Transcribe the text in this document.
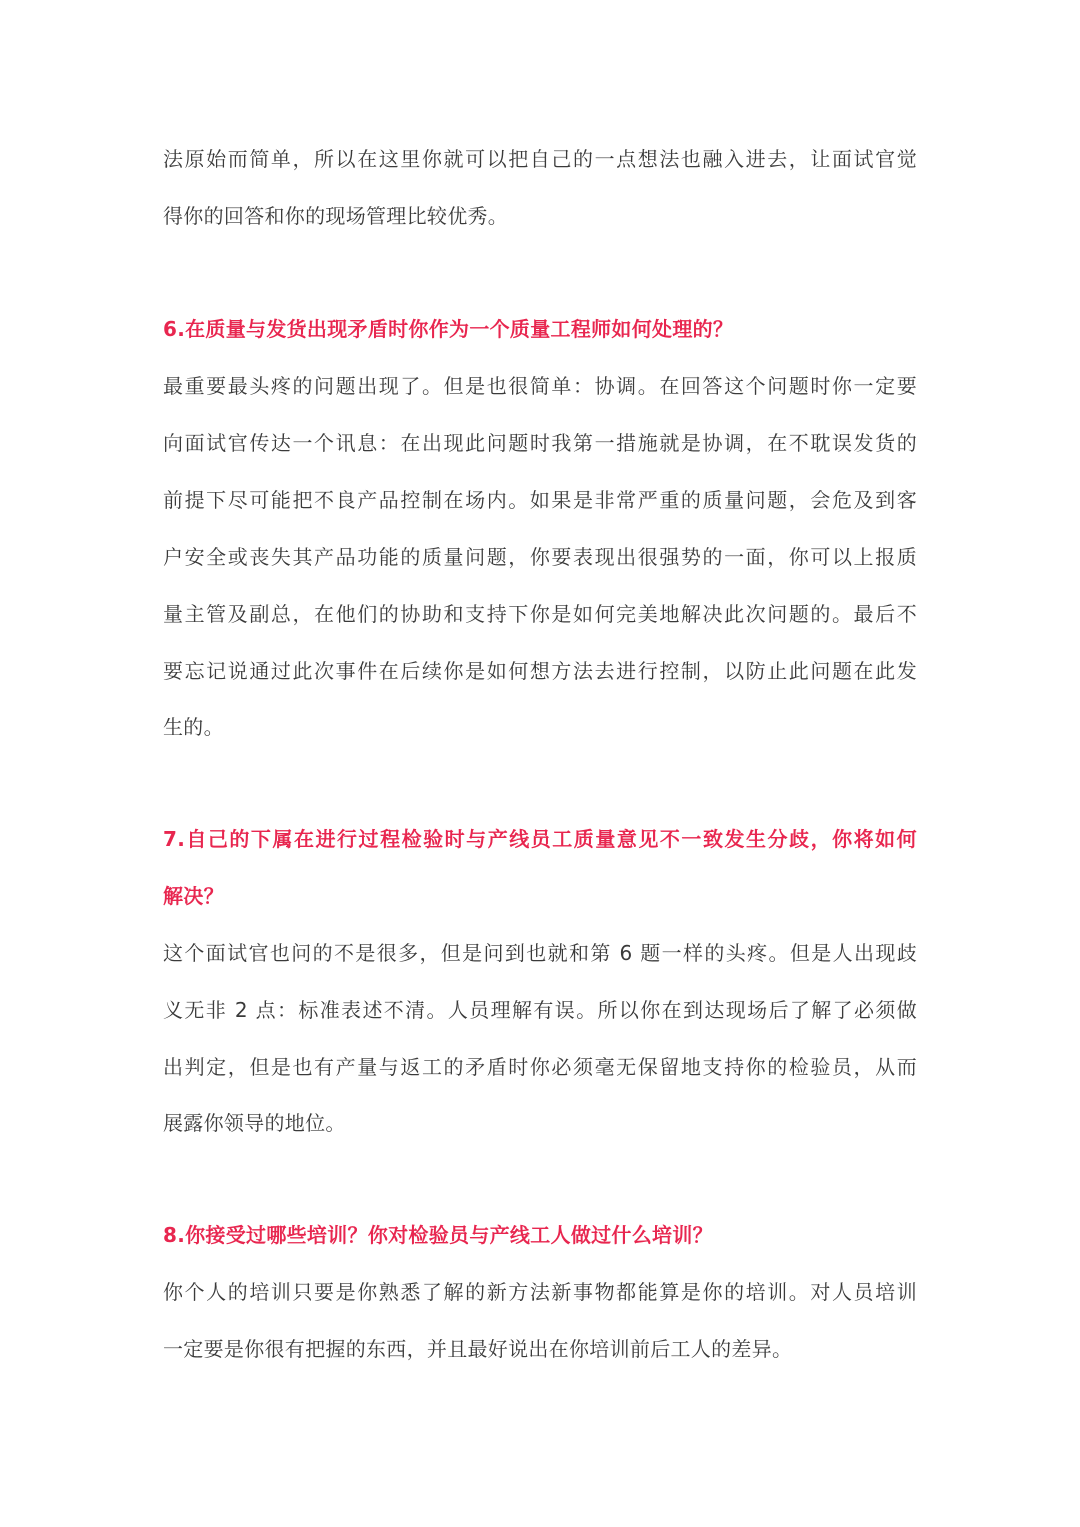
法原始而简单，所以在这里你就可以把自己的一点想法也融入进去，让面试官觉
得你的回答和你的现场管理比较优秀。
6.在质量与发货出现矛盾时你作为一个质量工程师如何处理的？
最重要最头疼的问题出现了。但是也很简单：协调。在回答这个问题时你一定要
向面试官传达一个讯息：在出现此问题时我第一措施就是协调，在不耽误发货的
前提下尽可能把不良产品控制在场内。如果是非常严重的质量问题，会危及到客
户安全或丧失其产品功能的质量问题，你要表现出很强势的一面，你可以上报质
量主管及副总，在他们的协助和支持下你是如何完美地解决此次问题的。最后不
要忘记说通过此次事件在后续你是如何想方法去进行控制，以防止此问题在此发
生的。
7.自己的下属在进行过程检验时与产线员工质量意见不一致发生分歧，你将如何
解决？
这个面试官也问的不是很多，但是问到也就和第 6 题一样的头疼。但是人出现歧
义无非 2 点：标准表述不清。人员理解有误。所以你在到达现场后了解了必须做
出判定，但是也有产量与返工的矛盾时你必须毫无保留地支持你的检验员，从而
展露你领导的地位。
8.你接受过哪些培训？你对检验员与产线工人做过什么培训？
你个人的培训只要是你熟悉了解的新方法新事物都能算是你的培训。对人员培训
一定要是你很有把握的东西，并且最好说出在你培训前后工人的差异。
